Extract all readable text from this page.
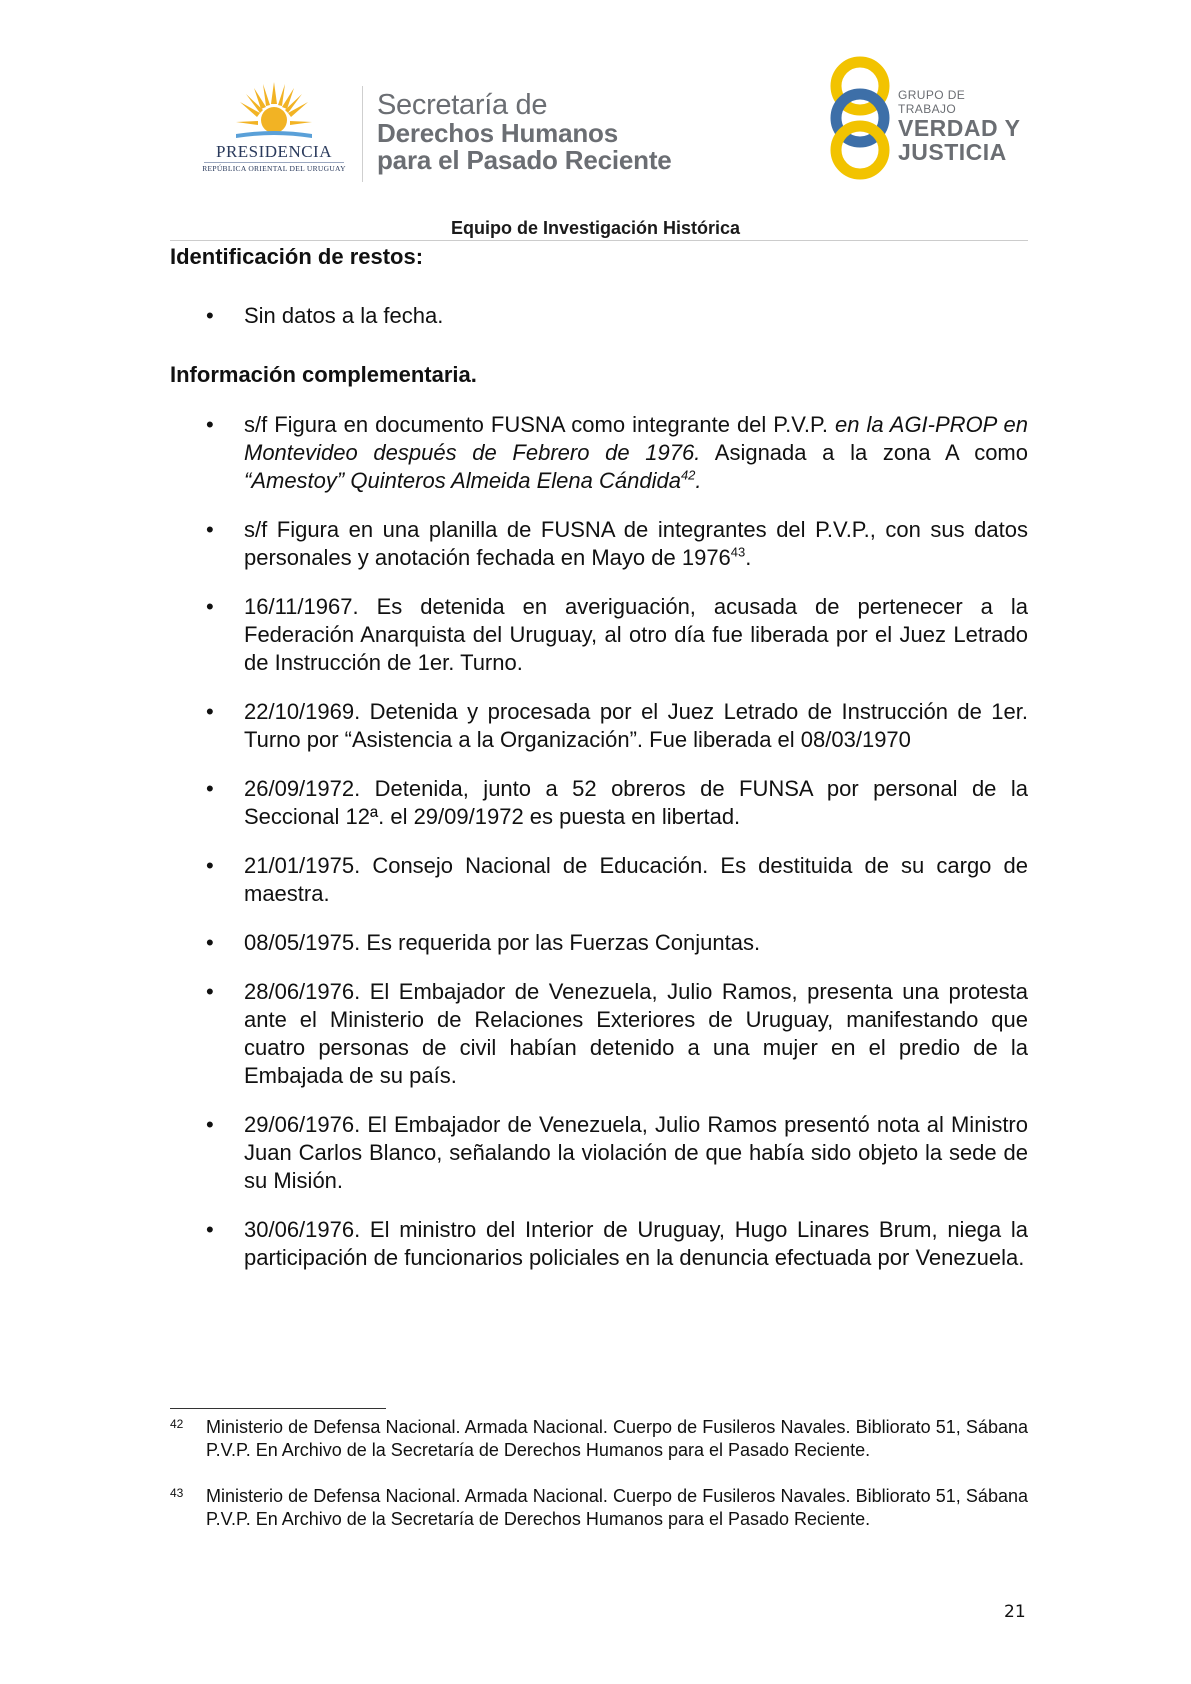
PRESIDENCIA
REPÚBLICA ORIENTAL DEL URUGUAY
Secretaría de
Derechos Humanos
para el Pasado Reciente
GRUPO DE TRABAJO
VERDAD Y
JUSTICIA
Equipo de Investigación Histórica
Identificación de restos:
• Sin datos a la fecha.
Información complementaria.
• s/f Figura en documento FUSNA como integrante del P.V.P. en la AGI-PROP en Montevideo después de Febrero de 1976. Asignada a la zona A como “Amestoy” Quinteros Almeida Elena Cándida$^{42}$.
• s/f Figura en una planilla de FUSNA de integrantes del P.V.P., con sus datos personales y anotación fechada en Mayo de 1976$^{43}$.
• 16/11/1967. Es detenida en averiguación, acusada de pertenecer a la Federación Anarquista del Uruguay, al otro día fue liberada por el Juez Letrado de Instrucción de 1er. Turno.
• 22/10/1969. Detenida y procesada por el Juez Letrado de Instrucción de 1er. Turno por “Asistencia a la Organización”. Fue liberada el 08/03/1970
• 26/09/1972. Detenida, junto a 52 obreros de FUNSA por personal de la Seccional 12ª. el 29/09/1972 es puesta en libertad.
• 21/01/1975. Consejo Nacional de Educación. Es destituida de su cargo de maestra.
• 08/05/1975. Es requerida por las Fuerzas Conjuntas.
• 28/06/1976. El Embajador de Venezuela, Julio Ramos, presenta una protesta ante el Ministerio de Relaciones Exteriores de Uruguay, manifestando que cuatro personas de civil habían detenido a una mujer en el predio de la Embajada de su país.
• 29/06/1976. El Embajador de Venezuela, Julio Ramos presentó nota al Ministro Juan Carlos Blanco, señalando la violación de que había sido objeto la sede de su Misión.
• 30/06/1976. El ministro del Interior de Uruguay, Hugo Linares Brum, niega la participación de funcionarios policiales en la denuncia efectuada por Venezuela.
42 Ministerio de Defensa Nacional. Armada Nacional. Cuerpo de Fusileros Navales. Bibliorato 51, Sábana P.V.P. En Archivo de la Secretaría de Derechos Humanos para el Pasado Reciente.
43 Ministerio de Defensa Nacional. Armada Nacional. Cuerpo de Fusileros Navales. Bibliorato 51, Sábana P.V.P. En Archivo de la Secretaría de Derechos Humanos para el Pasado Reciente.
21
